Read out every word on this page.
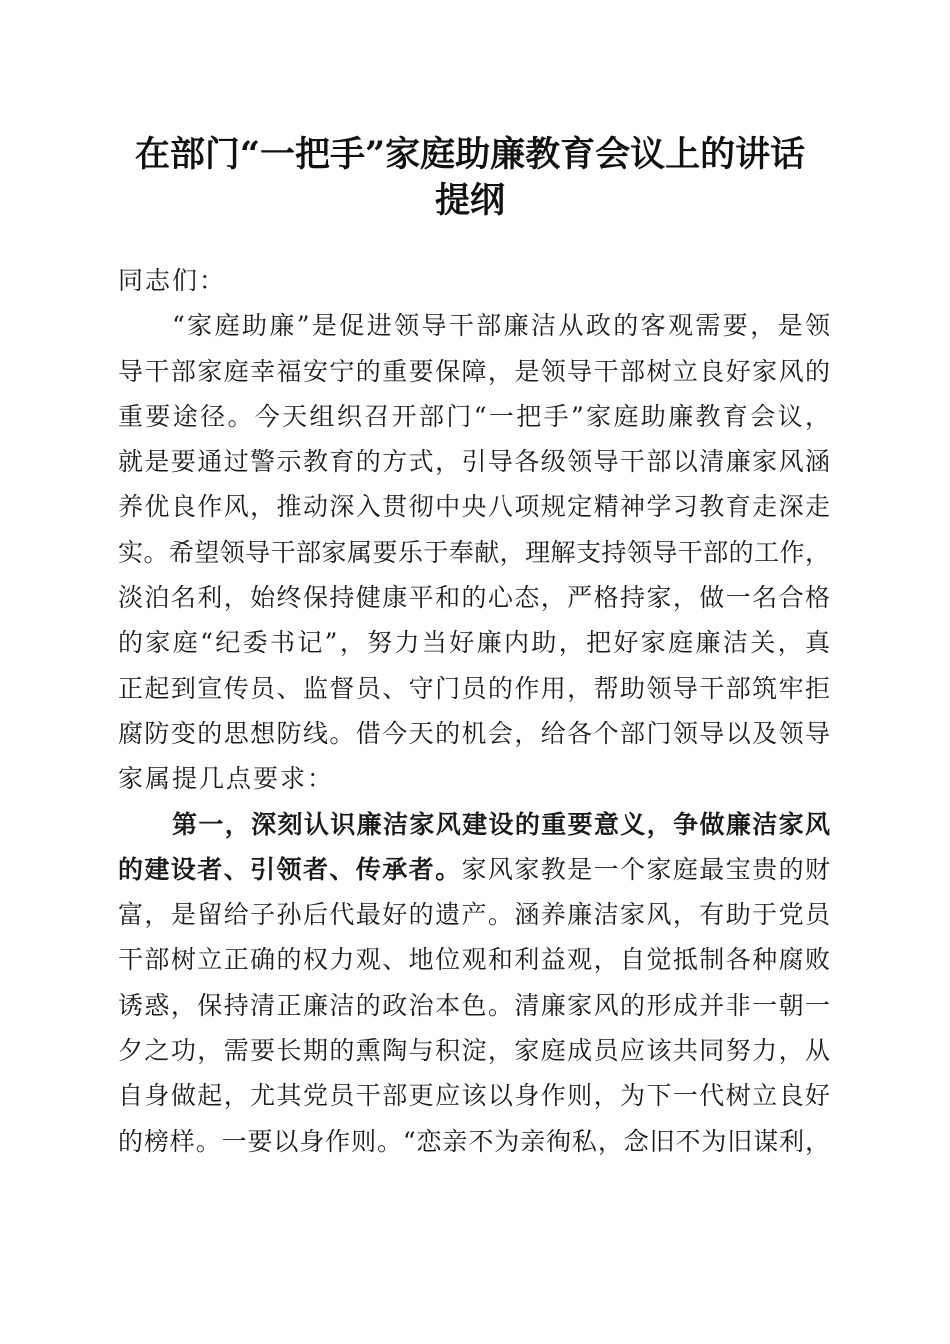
在部门“一把手”家庭助廉教育会议上的讲话
提纲

同志们：

“家庭助廉”是促进领导干部廉洁从政的客观需要，是领
导干部家庭幸福安宁的重要保障，是领导干部树立良好家风的
重要途径。今天组织召开部门“一把手”家庭助廉教育会议，
就是要通过警示教育的方式，引导各级领导干部以清廉家风涵
养优良作风，推动深入贯彻中央八项规定精神学习教育走深走
实。希望领导干部家属要乐于奉献，理解支持领导干部的工作，
淡泊名利，始终保持健康平和的心态，严格持家，做一名合格
的家庭“纪委书记”，努力当好廉内助，把好家庭廉洁关，真
正起到宣传员、监督员、守门员的作用，帮助领导干部筑牢拒
腐防变的思想防线。借今天的机会，给各个部门领导以及领导
家属提几点要求：
第一，深刻认识廉洁家风建设的重要意义，争做廉洁家风
的建设者、引领者、传承者。家风家教是一个家庭最宝贵的财
富，是留给子孙后代最好的遗产。涵养廉洁家风，有助于党员
干部树立正确的权力观、地位观和利益观，自觉抵制各种腐败
诱惑，保持清正廉洁的政治本色。清廉家风的形成并非一朝一
夕之功，需要长期的熏陶与积淀，家庭成员应该共同努力，从
自身做起，尤其党员干部更应该以身作则，为下一代树立良好
的榜样。一要以身作则。“恋亲不为亲徇私，念旧不为旧谋利，
